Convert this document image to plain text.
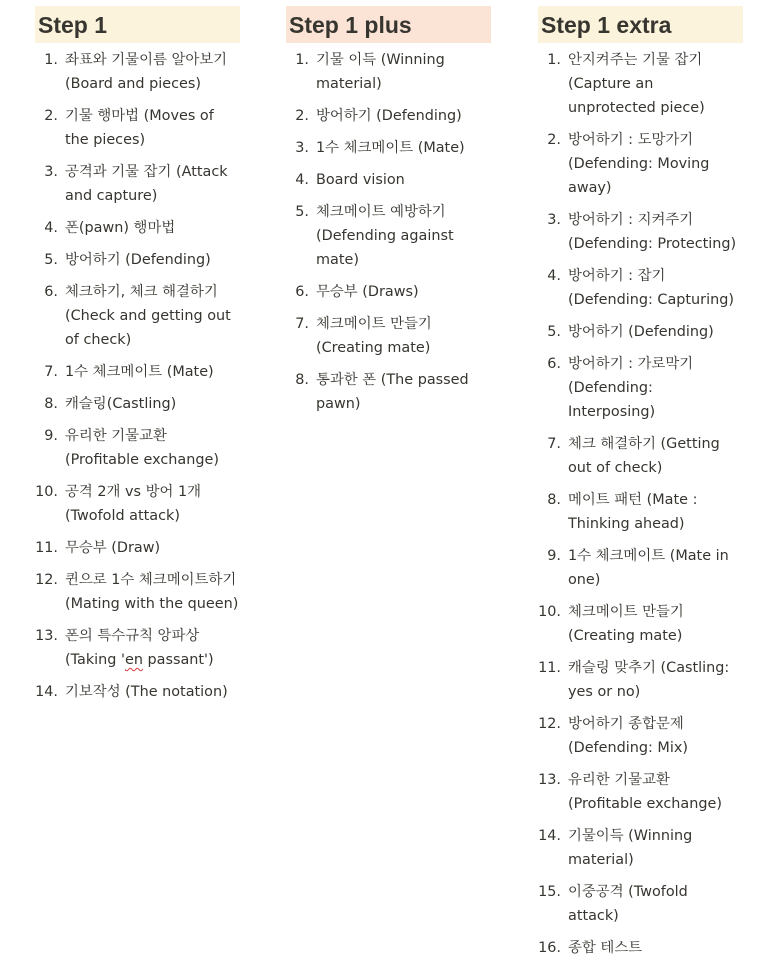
Step 1
1. 좌표와 기물이름 알아보기 (Board and pieces)
2. 기물 행마법 (Moves of the pieces)
3. 공격과 기물 잡기 (Attack and capture)
4. 폰(pawn) 행마법
5. 방어하기 (Defending)
6. 체크하기, 체크 해결하기 (Check and getting out of check)
7. 1수 체크메이트 (Mate)
8. 캐슬링(Castling)
9. 유리한 기물교환 (Profitable exchange)
10. 공격 2개 vs 방어 1개 (Twofold attack)
11. 무승부 (Draw)
12. 퀸으로 1수 체크메이트하기 (Mating with the queen)
13. 폰의 특수규칙 앙파상 (Taking 'en passant')
14. 기보작성 (The notation)
Step 1 plus
1. 기물 이득 (Winning material)
2. 방어하기 (Defending)
3. 1수 체크메이트 (Mate)
4. Board vision
5. 체크메이트 예방하기 (Defending against mate)
6. 무승부 (Draws)
7. 체크메이트 만들기 (Creating mate)
8. 통과한 폰 (The passed pawn)
Step 1 extra
1. 안지켜주는 기물 잡기 (Capture an unprotected piece)
2. 방어하기 : 도망가기 (Defending: Moving away)
3. 방어하기 : 지켜주기 (Defending: Protecting)
4. 방어하기 : 잡기 (Defending: Capturing)
5. 방어하기 (Defending)
6. 방어하기 : 가로막기 (Defending: Interposing)
7. 체크 해결하기 (Getting out of check)
8. 메이트 패턴 (Mate : Thinking ahead)
9. 1수 체크메이트 (Mate in one)
10. 체크메이트 만들기 (Creating mate)
11. 캐슬링 맞추기 (Castling: yes or no)
12. 방어하기 종합문제 (Defending: Mix)
13. 유리한 기물교환 (Profitable exchange)
14. 기물이득 (Winning material)
15. 이중공격 (Twofold attack)
16. 종합 테스트
